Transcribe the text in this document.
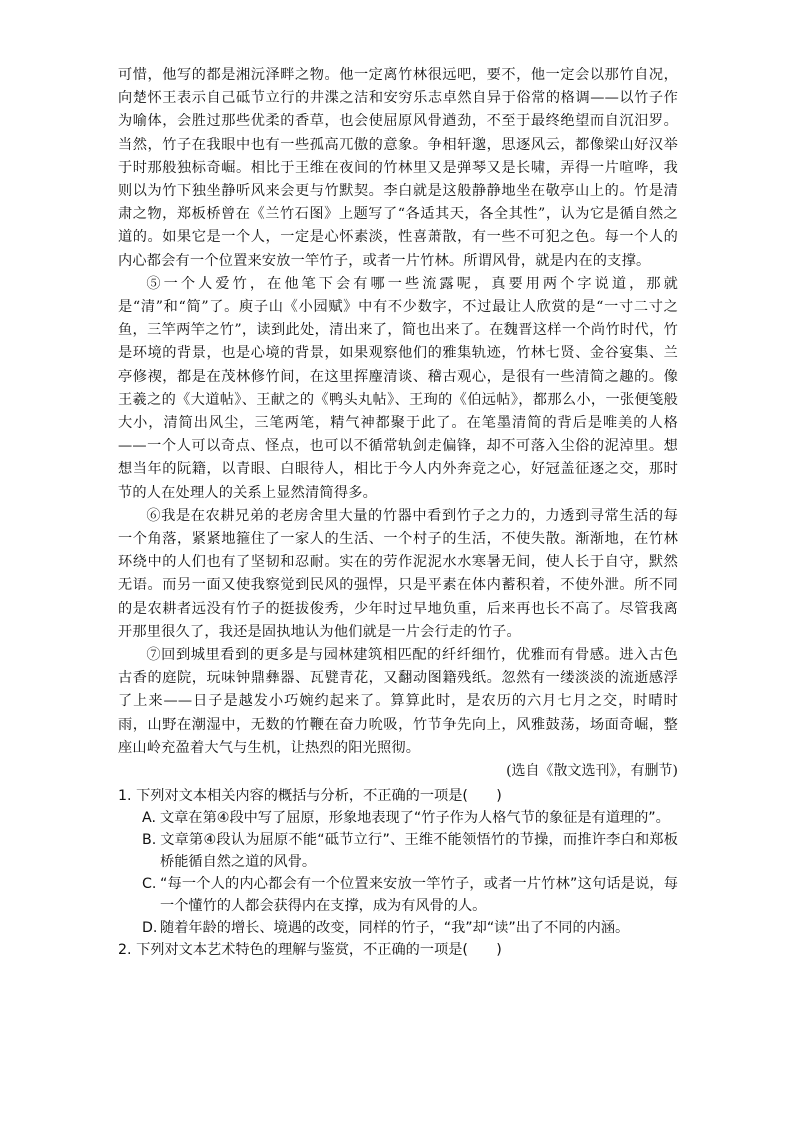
可惜，他写的都是湘沅泽畔之物。他一定离竹林很远吧，要不，他一定会以那竹自况，向楚怀王表示自己砥节立行的井渫之洁和安穷乐志卓然自异于俗常的格调——以竹子作为喻体，会胜过那些优柔的香草，也会使屈原风骨遒劲，不至于最终绝望而自沉汨罗。当然，竹子在我眼中也有一些孤高兀傲的意象。争相轩邈，思逐风云，都像梁山好汉举于时那般独标奇崛。相比于王维在夜间的竹林里又是弹琴又是长啸，弄得一片喧哗，我则以为竹下独坐静听风来会更与竹默契。李白就是这般静静地坐在敬亭山上的。竹是清肃之物，郑板桥曾在《兰竹石图》上题写了“各适其天，各全其性”，认为它是循自然之道的。如果它是一个人，一定是心怀素淡，性喜萧散，有一些不可犯之色。每一个人的内心都会有一个位置来安放一竿竹子，或者一片竹林。所谓风骨，就是内在的支撑。

⑤一个人爱竹，在他笔下会有哪一些流露呢，真要用两个字说道，那就是“清”和“简”了。庾子山《小园赋》中有不少数字，不过最让人欣赏的是“一寸二寸之鱼，三竿两竿之竹”，读到此处，清出来了，简也出来了。在魏晋这样一个尚竹时代，竹是环境的背景，也是心境的背景，如果观察他们的雅集轨迹，竹林七贤、金谷宴集、兰亭修禊，都是在茂林修竹间，在这里挥麈清谈、稽古观心，是很有一些清简之趣的。像王羲之的《大道帖》、王献之的《鸭头丸帖》、王珣的《伯远帖》，都那么小，一张便笺般大小，清简出风尘，三笔两笔，精气神都聚于此了。在笔墨清简的背后是唯美的人格——一个人可以奇点、怪点，也可以不循常轨剑走偏锋，却不可落入尘俗的泥淖里。想想当年的阮籍，以青眼、白眼待人，相比于今人内外奔竞之心，好冠盖征逐之交，那时节的人在处理人的关系上显然清简得多。

⑥我是在农耕兄弟的老房舍里大量的竹器中看到竹子之力的，力透到寻常生活的每一个角落，紧紧地箍住了一家人的生活、一个村子的生活，不使失散。渐渐地，在竹林环绕中的人们也有了坚韧和忍耐。实在的劳作泥泥水水寒暑无间，使人长于自守，默然无语。而另一面又使我察觉到民风的强悍，只是平素在体内蓄积着，不使外泄。所不同的是农耕者远没有竹子的挺拔俊秀，少年时过早地负重，后来再也长不高了。尽管我离开那里很久了，我还是固执地认为他们就是一片会行走的竹子。

⑦回到城里看到的更多是与园林建筑相匹配的纤纤细竹，优雅而有骨感。进入古色古香的庭院，玩味钟鼎彝器、瓦甓青花，又翻动图籍残纸。忽然有一缕淡淡的流逝感浮了上来——日子是越发小巧婉约起来了。算算此时，是农历的六月七月之交，时晴时雨，山野在潮湿中，无数的竹鞭在奋力吮吸，竹节争先向上，风雅鼓荡，场面奇崛，整座山岭充盈着大气与生机，让热烈的阳光照彻。

(选自《散文选刊》，有删节)

1. 下列对文本相关内容的概括与分析，不正确的一项是(　　)

A. 文章在第④段中写了屈原，形象地表现了“竹子作为人格气节的象征是有道理的”。

B. 文章第④段认为屈原不能“砥节立行”、王维不能领悟竹的节操，而推许李白和郑板桥能循自然之道的风骨。

C. “每一个人的内心都会有一个位置来安放一竿竹子，或者一片竹林”这句话是说，每一个懂竹的人都会获得内在支撑，成为有风骨的人。

D. 随着年龄的增长、境遇的改变，同样的竹子，“我”却“读”出了不同的内涵。

2. 下列对文本艺术特色的理解与鉴赏，不正确的一项是(　　)
